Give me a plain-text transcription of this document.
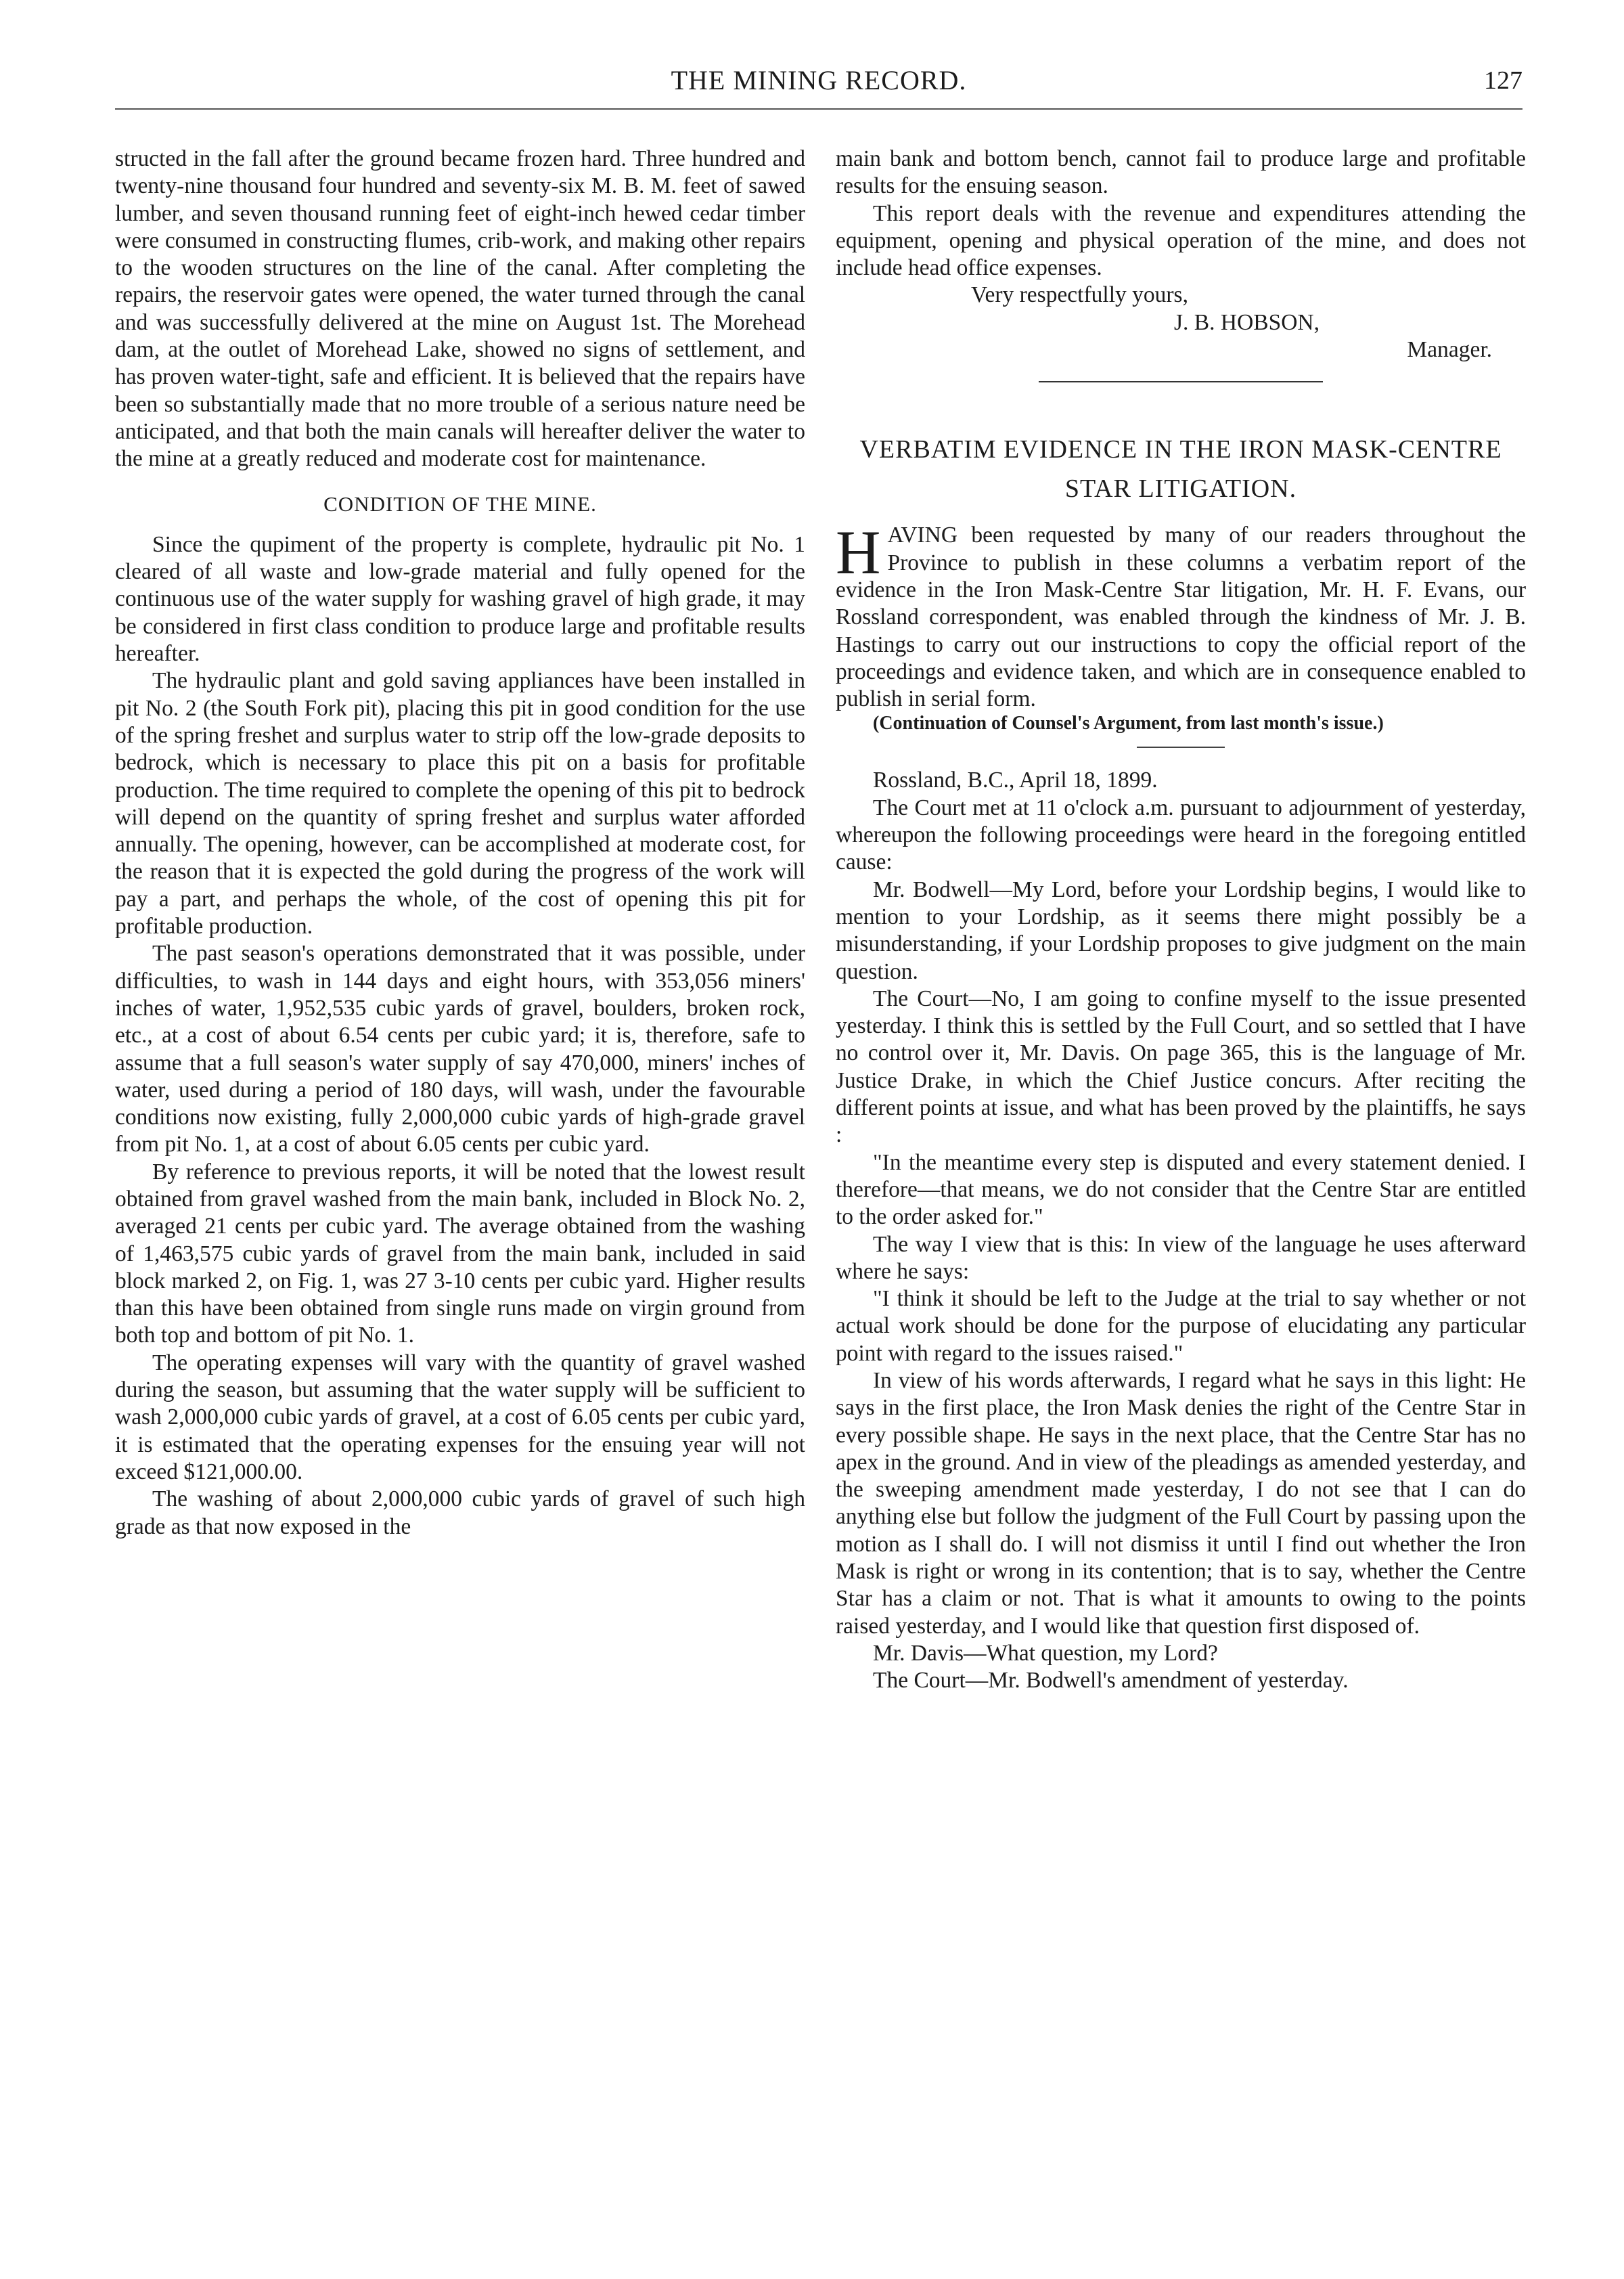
THE MINING RECORD.	127

structed in the fall after the ground became frozen hard. Three hundred and twenty-nine thousand four hundred and seventy-six M. B. M. feet of sawed lumber, and seven thousand running feet of eight-inch hewed cedar timber were consumed in constructing flumes, crib-work, and making other repairs to the wooden structures on the line of the canal. After completing the repairs, the reservoir gates were opened, the water turned through the canal and was successfully delivered at the mine on August 1st. The Morehead dam, at the outlet of Morehead Lake, showed no signs of settlement, and has proven water-tight, safe and efficient. It is believed that the repairs have been so substantially made that no more trouble of a serious nature need be anticipated, and that both the main canals will hereafter deliver the water to the mine at a greatly reduced and moderate cost for maintenance.

CONDITION OF THE MINE.

Since the qupiment of the property is complete, hydraulic pit No. 1 cleared of all waste and low-grade material and fully opened for the continuous use of the water supply for washing gravel of high grade, it may be considered in first class condition to produce large and profitable results hereafter.

The hydraulic plant and gold saving appliances have been installed in pit No. 2 (the South Fork pit), placing this pit in good condition for the use of the spring freshet and surplus water to strip off the low-grade deposits to bedrock, which is necessary to place this pit on a basis for profitable production. The time required to complete the opening of this pit to bedrock will depend on the quantity of spring freshet and surplus water afforded annually. The opening, however, can be accomplished at moderate cost, for the reason that it is expected the gold during the progress of the work will pay a part, and perhaps the whole, of the cost of opening this pit for profitable production.

The past season's operations demonstrated that it was possible, under difficulties, to wash in 144 days and eight hours, with 353,056 miners' inches of water, 1,952,535 cubic yards of gravel, boulders, broken rock, etc., at a cost of about 6.54 cents per cubic yard; it is, therefore, safe to assume that a full season's water supply of say 470,000, miners' inches of water, used during a period of 180 days, will wash, under the favourable conditions now existing, fully 2,000,000 cubic yards of high-grade gravel from pit No. 1, at a cost of about 6.05 cents per cubic yard.

By reference to previous reports, it will be noted that the lowest result obtained from gravel washed from the main bank, included in Block No. 2, averaged 21 cents per cubic yard. The average obtained from the washing of 1,463,575 cubic yards of gravel from the main bank, included in said block marked 2, on Fig. 1, was 27 3-10 cents per cubic yard. Higher results than this have been obtained from single runs made on virgin ground from both top and bottom of pit No. 1.

The operating expenses will vary with the quantity of gravel washed during the season, but assuming that the water supply will be sufficient to wash 2,000,000 cubic yards of gravel, at a cost of 6.05 cents per cubic yard, it is estimated that the operating expenses for the ensuing year will not exceed $121,000.00.

The washing of about 2,000,000 cubic yards of gravel of such high grade as that now exposed in the

main bank and bottom bench, cannot fail to produce large and profitable results for the ensuing season.

This report deals with the revenue and expenditures attending the equipment, opening and physical operation of the mine, and does not include head office expenses.

Very respectfully yours,
J. B. HOBSON,
Manager.
VERBATIM EVIDENCE IN THE IRON MASK-CENTRE STAR LITIGATION.

HAVING been requested by many of our readers throughout the Province to publish in these columns a verbatim report of the evidence in the Iron Mask-Centre Star litigation, Mr. H. F. Evans, our Rossland correspondent, was enabled through the kindness of Mr. J. B. Hastings to carry out our instructions to copy the official report of the proceedings and evidence taken, and which are in consequence enabled to publish in serial form.

(Continuation of Counsel's Argument, from last month's issue.)

Rossland, B.C., April 18, 1899.

The Court met at 11 o'clock a.m. pursuant to adjournment of yesterday, whereupon the following proceedings were heard in the foregoing entitled cause:

Mr. Bodwell—My Lord, before your Lordship begins, I would like to mention to your Lordship, as it seems there might possibly be a misunderstanding, if your Lordship proposes to give judgment on the main question.

The Court—No, I am going to confine myself to the issue presented yesterday. I think this is settled by the Full Court, and so settled that I have no control over it, Mr. Davis. On page 365, this is the language of Mr. Justice Drake, in which the Chief Justice concurs. After reciting the different points at issue, and what has been proved by the plaintiffs, he says :

"In the meantime every step is disputed and every statement denied. I therefore—that means, we do not consider that the Centre Star are entitled to the order asked for."

The way I view that is this: In view of the language he uses afterward where he says:

"I think it should be left to the Judge at the trial to say whether or not actual work should be done for the purpose of elucidating any particular point with regard to the issues raised."

In view of his words afterwards, I regard what he says in this light: He says in the first place, the Iron Mask denies the right of the Centre Star in every possible shape. He says in the next place, that the Centre Star has no apex in the ground. And in view of the pleadings as amended yesterday, and the sweeping amendment made yesterday, I do not see that I can do anything else but follow the judgment of the Full Court by passing upon the motion as I shall do. I will not dismiss it until I find out whether the Iron Mask is right or wrong in its contention; that is to say, whether the Centre Star has a claim or not. That is what it amounts to owing to the points raised yesterday, and I would like that question first disposed of.

Mr. Davis—What question, my Lord?

The Court—Mr. Bodwell's amendment of yesterday.
